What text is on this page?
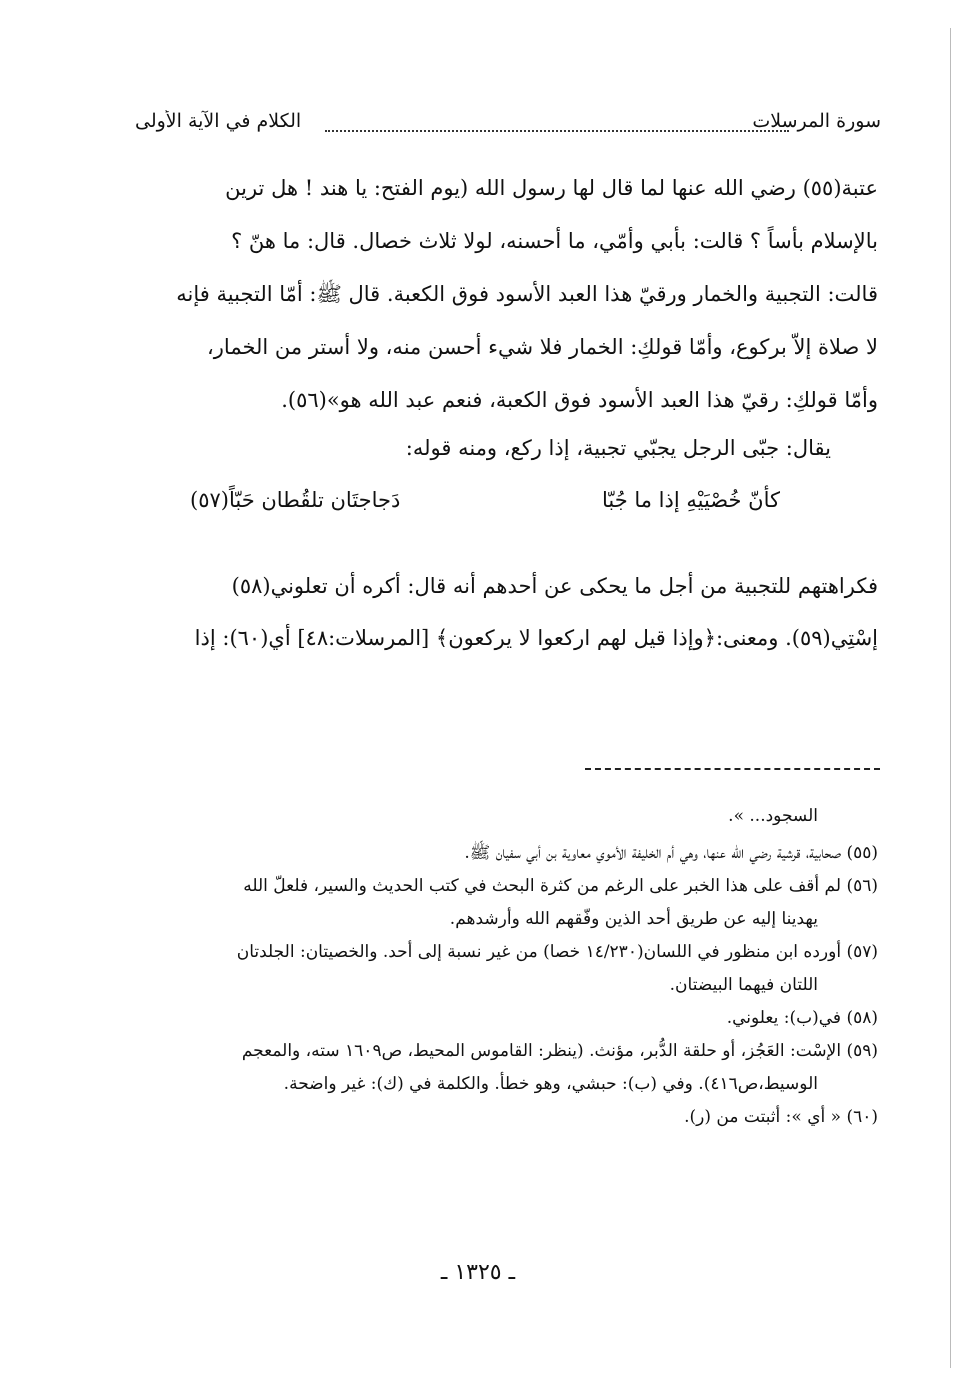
سورة المرسلات
الكلام في الآية الأولى

عتبة(٥٥) رضي الله عنها لما قال لها رسول الله (يوم الفتح: يا هند ! هل ترين

بالإسلام بأساً ؟ قالت: بأبي وأمّي، ما أحسنه، لولا ثلاث خصال. قال: ما هنّ ؟

قالت: التجبية والخمار ورقيّ هذا العبد الأسود فوق الكعبة. قال ﷺ: أمّا التجبية فإنه

لا صلاة إلاّ بركوع، وأمّا قولكِ: الخمار فلا شيء أحسن منه، ولا أستر من الخمار،

وأمّا قولكِ: رقيّ هذا العبد الأسود فوق الكعبة، فنعم عبد الله هو»(٥٦).

يقال: جبّى الرجل يجبّي تجبية، إذا ركع، ومنه قوله:
كأنّ خُصْيَيْهِ إذا ما جُبّا
دَجاجتَان تلقُطان حَبّاً(٥٧)

فكراهتهم للتجبية من أجل ما يحكى عن أحدهم أنه قال: أكره أن تعلوني(٥٨)

إسْتِي(٥٩). ومعنى:﴿وإذا قيل لهم اركعوا لا يركعون﴾ [المرسلات:٤٨] أي(٦٠): إذا

السجود... ».

(٥٥) صحابية، قرشية رضي الله عنها، وهي أم الخليفة الأموي معاوية بن أبي سفيان ﷺ.

(٥٦) لم أقف على هذا الخبر على الرغم من كثرة البحث في كتب الحديث والسير، فلعلّ الله

يهدينا إليه عن طريق أحد الذين وفّقهم الله وأرشدهم.

(٥٧) أورده ابن منظور في اللسان(١٤/٢٣٠ خصا) من غير نسبة إلى أحد. والخصيتان: الجلدتان

اللتان فيهما البيضتان.

(٥٨) في(ب): يعلوني.

(٥٩) الإسْت: العَجُز، أو حلقة الدُّبر، مؤنث. (ينظر: القاموس المحيط، ص١٦٠٩ سته، والمعجم

الوسيط،ص٤١٦). وفي (ب): حبشي، وهو خطأ. والكلمة في (ك): غير واضحة.

(٦٠) « أي »: أثبتت من (ر).

ـ ١٣٢٥ ـ
